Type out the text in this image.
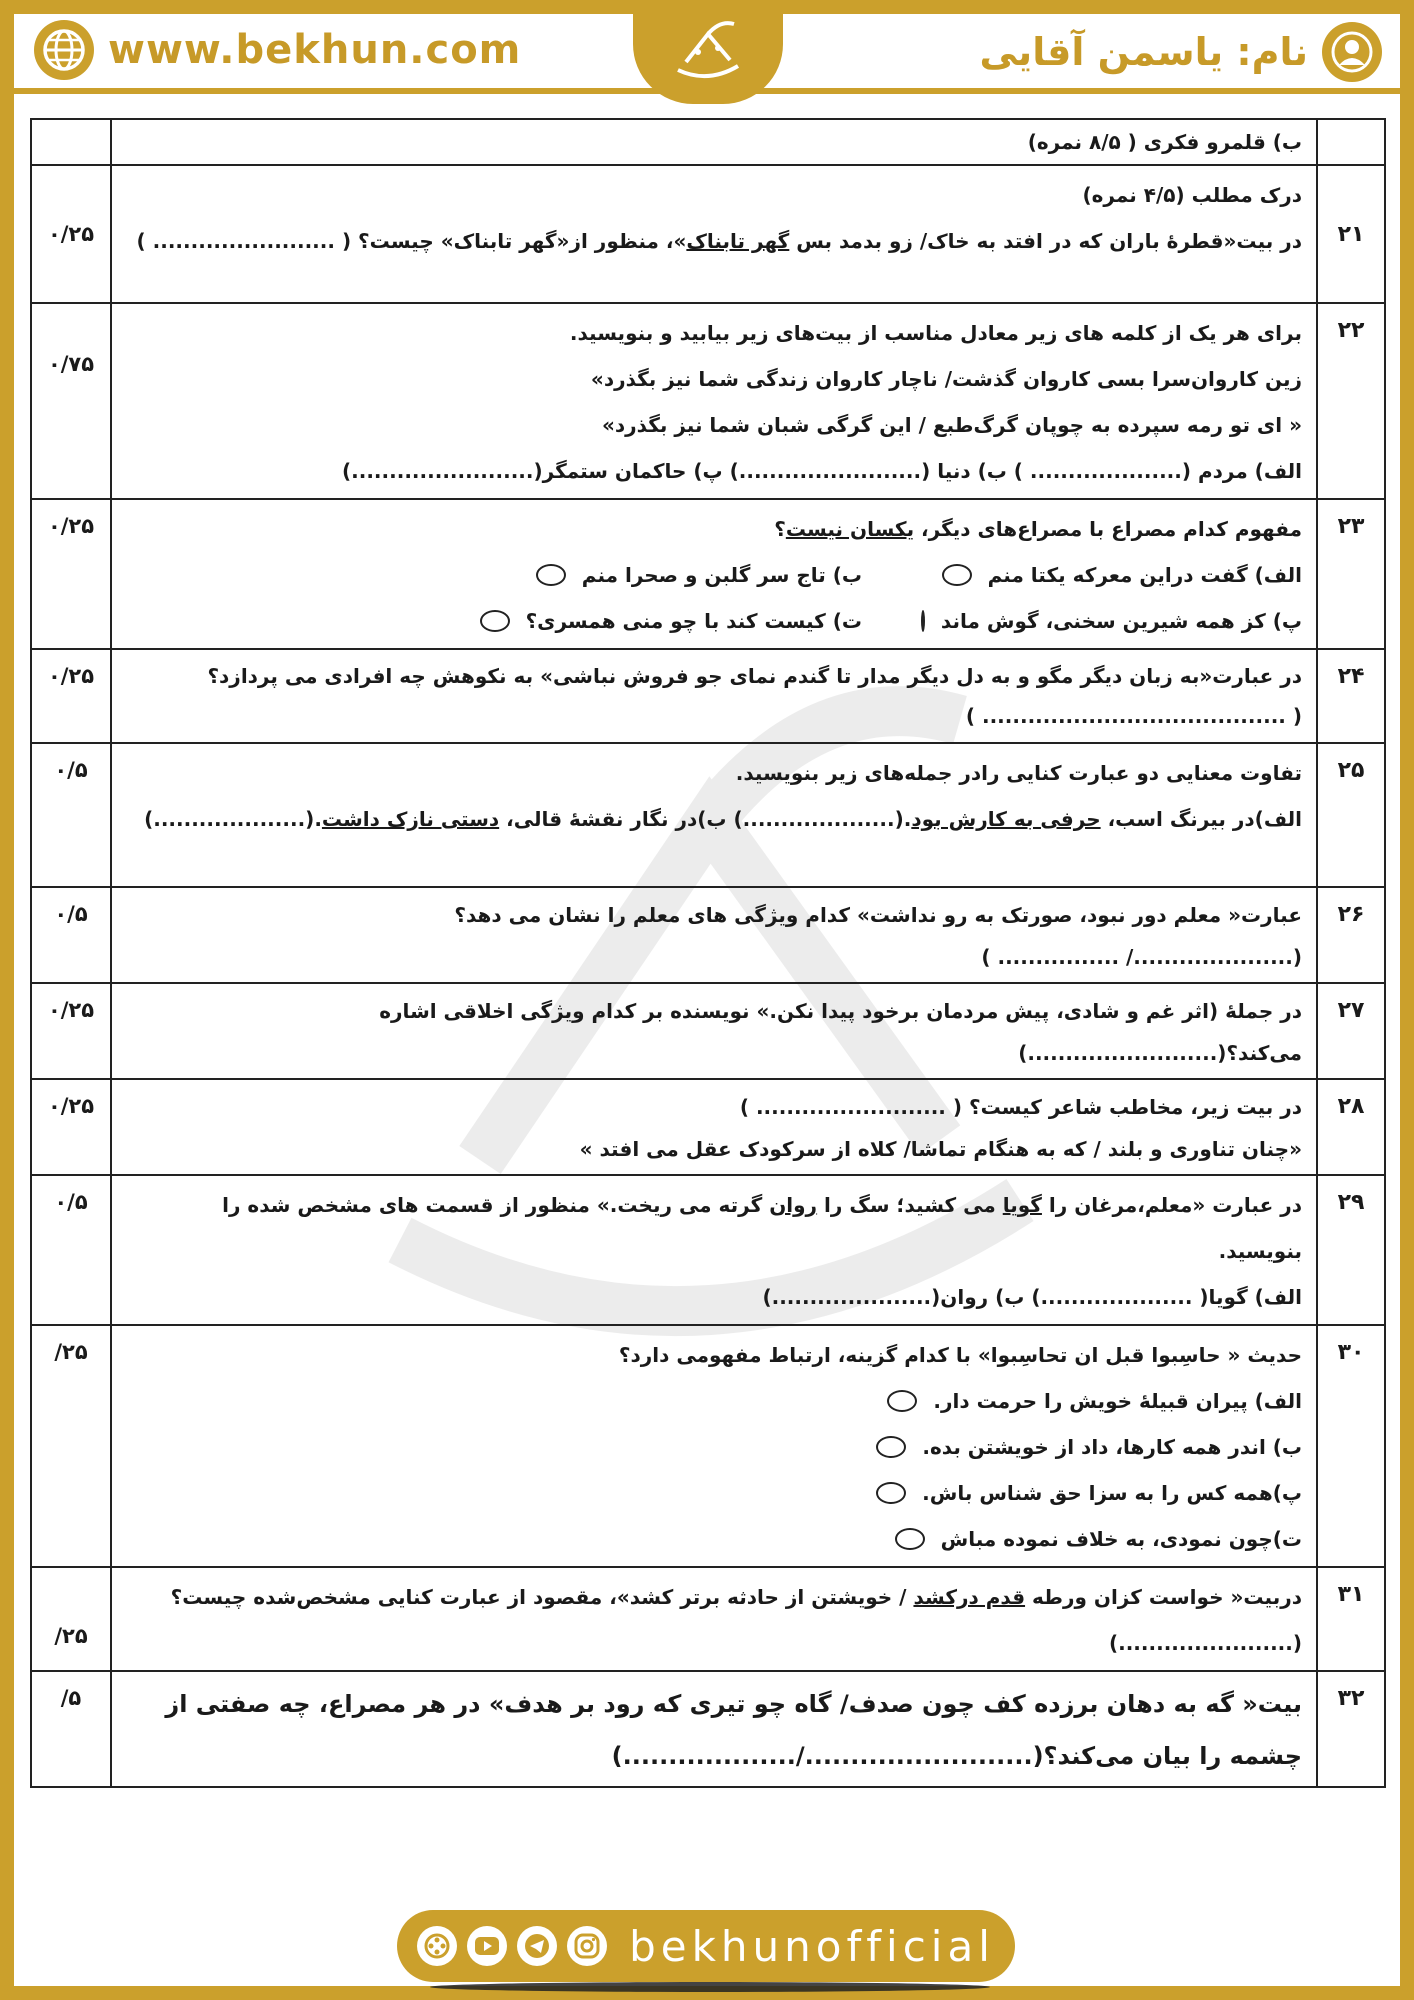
www.bekhun.com	نام: یاسمن آقایی
	ب) قلمرو فکری ( ۸/۵ نمره)	
۲۱	درک مطلب (۴/۵ نمره)
در بیت«قطرهٔ باران که در افتد به خاک/ زو بدمد بس گهر تابناک»، منظور از«گهر تابناک» چیست؟ ( ........................ )	۰/۲۵
۲۲	برای هر یک از کلمه های زیر معادل مناسب از بیت‌های زیر بیابید و بنویسید.
زین کاروان‌سرا بسی کاروان گذشت/ ناچار کاروان زندگی شما نیز بگذرد»
« ای تو رمه سپرده به چوپان گرگ‌طبع / این گرگی شبان شما نیز بگذرد»
الف) مردم (.................... ) ب) دنیا (........................) پ) حاکمان ستمگر(........................)	۰/۷۵
۲۳	مفهوم کدام مصراع با مصراع‌های دیگر، یکسان نیست؟
الف) گفت دراین معرکه یکتا منم
ب) تاج سر گلبن و صحرا منم
پ) کز همه شیرین سخنی، گوش ماند
ت) کیست کند با چو منی همسری؟	۰/۲۵
۲۴	در عبارت«به زبان دیگر مگو و به دل دیگر مدار تا گندم نمای جو فروش نباشی» به نکوهش چه افرادی می پردازد؟
( ........................................ )	۰/۲۵
۲۵	تفاوت معنایی دو عبارت کنایی رادر جمله‌های زیر بنویسید.
الف)در بیرنگ اسب، حرفی به کارش بود.(....................) ب)در نگار نقشهٔ قالی، دستی نازک داشت.(....................)	۰/۵
۲۶	عبارت« معلم دور نبود، صورتک به رو نداشت» کدام ویژگی های معلم را نشان می دهد؟
(...................../ ................ )	۰/۵
۲۷	در جملهٔ (اثر غم و شادی، پیش مردمان برخود پیدا نکن.» نویسنده بر کدام ویژگی اخلاقی اشاره
می‌کند؟(.........................)	۰/۲۵
۲۸	در بیت زیر، مخاطب شاعر کیست؟ ( ......................... )
«چنان تناوری و بلند / که به هنگام تماشا/ کلاه از سرکودک عقل می افتد »	۰/۲۵
۲۹	در عبارت «معلم،مرغان را گویا می کشید؛ سگ را روان گرته می ریخت.» منظور از قسمت های مشخص شده را
بنویسید.
الف) گویا( ....................) ب) روان(.....................)	۰/۵
۳۰	حدیث « حاسِبوا قبل ان تحاسِبوا» با کدام گزینه، ارتباط مفهومی دارد؟
الف) پیران قبیلهٔ خویش را حرمت دار.
ب) اندر همه کارها، داد از خویشتن بده.
پ)همه کس را به سزا حق شناس باش.
ت)چون نمودی، به خلاف نموده مباش	/۲۵
۳۱	دربیت« خواست کزان ورطه قدم درکشد / خویشتن از حادثه برتر کشد»، مقصود از عبارت کنایی مشخص‌شده چیست؟
(.......................)	/۲۵
۳۲	بیت« گه به دهان برزده کف چون صدف/ گاه چو تیری که رود بر هدف» در هر مصراع، چه صفتی از
چشمه را بیان می‌کند؟(........................./...................)	/۵
bekhunofficial
